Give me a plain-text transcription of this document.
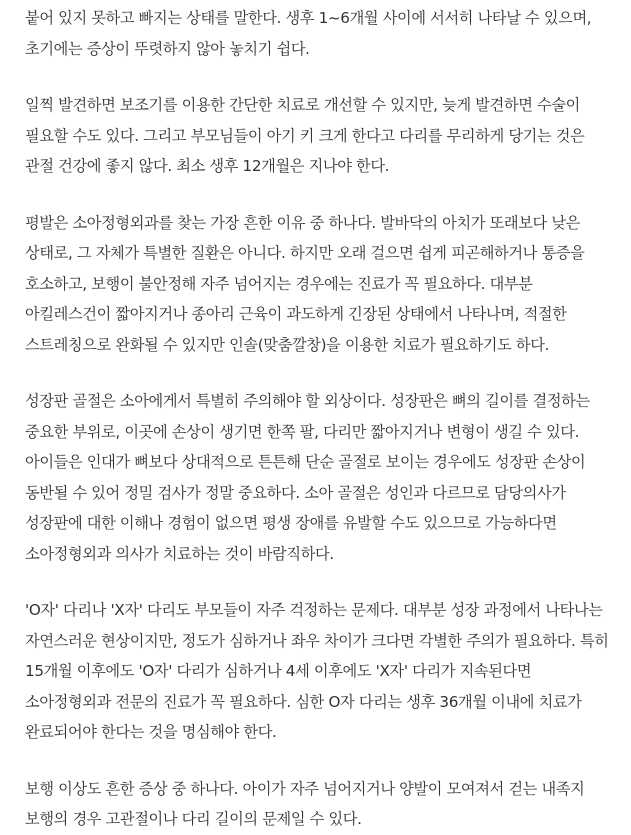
붙어 있지 못하고 빠지는 상태를 말한다. 생후 1~6개월 사이에 서서히 나타날 수 있으며, 초기에는 증상이 뚜렷하지 않아 놓치기 쉽다.

일찍 발견하면 보조기를 이용한 간단한 치료로 개선할 수 있지만, 늦게 발견하면 수술이 필요할 수도 있다. 그리고 부모님들이 아기 키 크게 한다고 다리를 무리하게 당기는 것은 관절 건강에 좋지 않다. 최소 생후 12개월은 지나야 한다.

평발은 소아정형외과를 찾는 가장 흔한 이유 중 하나다. 발바닥의 아치가 또래보다 낮은 상태로, 그 자체가 특별한 질환은 아니다. 하지만 오래 걸으면 쉽게 피곤해하거나 통증을 호소하고, 보행이 불안정해 자주 넘어지는 경우에는 진료가 꼭 필요하다. 대부분 아킬레스건이 짧아지거나 종아리 근육이 과도하게 긴장된 상태에서 나타나며, 적절한 스트레칭으로 완화될 수 있지만 인솔(맞춤깔창)을 이용한 치료가 필요하기도 하다.

성장판 골절은 소아에게서 특별히 주의해야 할 외상이다. 성장판은 뼈의 길이를 결정하는 중요한 부위로, 이곳에 손상이 생기면 한쪽 팔, 다리만 짧아지거나 변형이 생길 수 있다. 아이들은 인대가 뼈보다 상대적으로 튼튼해 단순 골절로 보이는 경우에도 성장판 손상이 동반될 수 있어 정밀 검사가 정말 중요하다. 소아 골절은 성인과 다르므로 담당의사가 성장판에 대한 이해나 경험이 없으면 평생 장애를 유발할 수도 있으므로 가능하다면 소아정형외과 의사가 치료하는 것이 바람직하다.

'O자' 다리나 'X자' 다리도 부모들이 자주 걱정하는 문제다. 대부분 성장 과정에서 나타나는 자연스러운 현상이지만, 정도가 심하거나 좌우 차이가 크다면 각별한 주의가 필요하다. 특히 15개월 이후에도 'O자' 다리가 심하거나 4세 이후에도 'X자' 다리가 지속된다면 소아정형외과 전문의 진료가 꼭 필요하다. 심한 O자 다리는 생후 36개월 이내에 치료가 완료되어야 한다는 것을 명심해야 한다.

보행 이상도 흔한 증상 중 하나다. 아이가 자주 넘어지거나 양발이 모여져서 걷는 내족지 보행의 경우 고관절이나 다리 길이의 문제일 수 있다.
